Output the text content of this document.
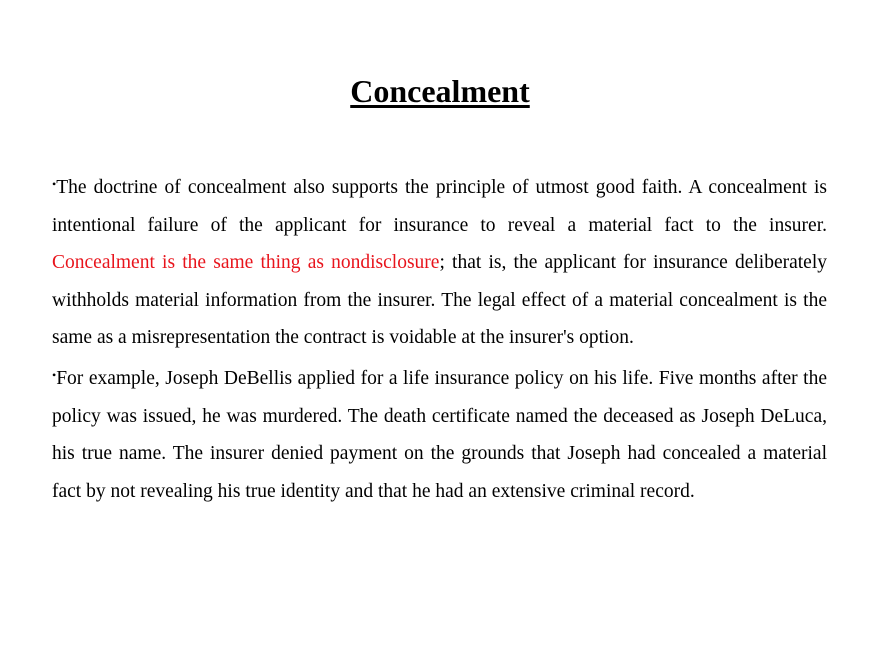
Concealment

•The doctrine of concealment also supports the principle of utmost good faith. A concealment is intentional failure of the applicant for insurance to reveal a material fact to the insurer. Concealment is the same thing as nondisclosure; that is, the applicant for insurance deliberately withholds material information from the insurer. The legal effect of a material concealment is the same as a misrepresentation the contract is voidable at the insurer's option.

•For example, Joseph DeBellis applied for a life insurance policy on his life. Five months after the policy was issued, he was murdered. The death certificate named the deceased as Joseph DeLuca, his true name. The insurer denied payment on the grounds that Joseph had concealed a material fact by not revealing his true identity and that he had an extensive criminal record.
